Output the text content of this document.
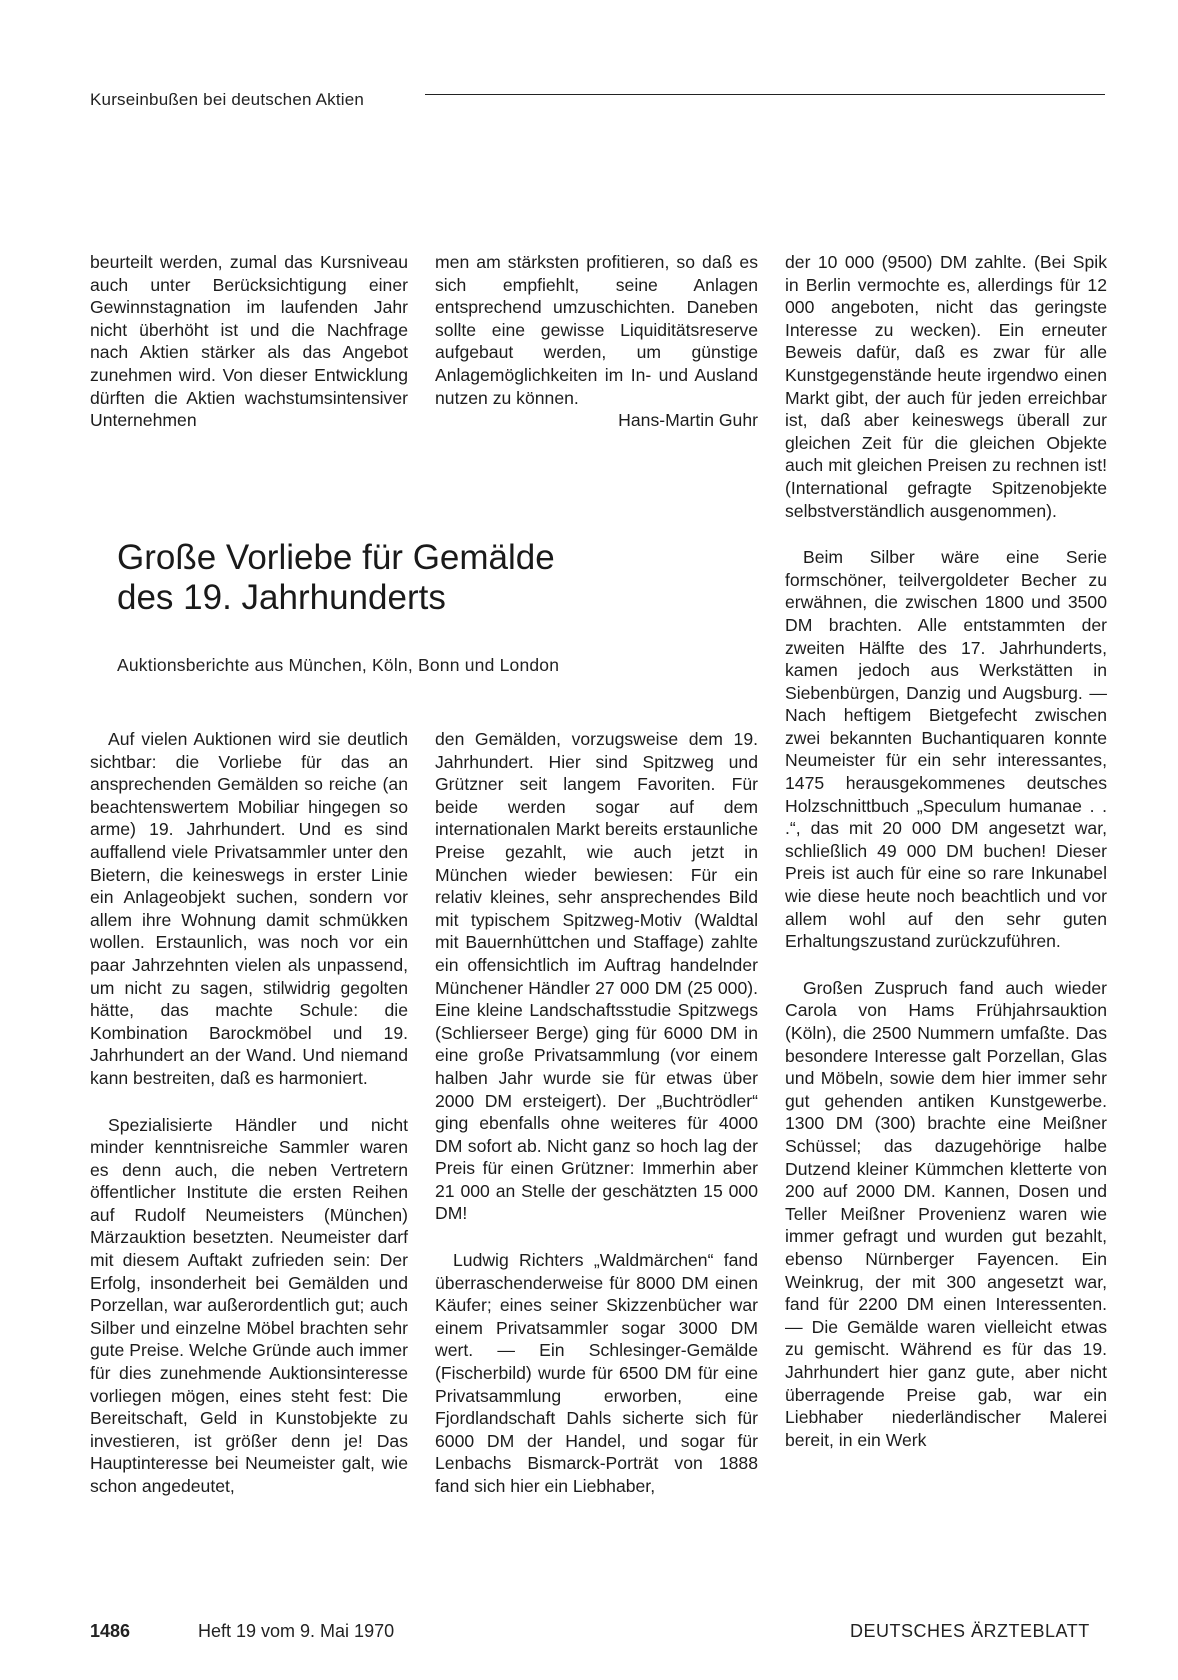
Kurseinbußen bei deutschen Aktien

beurteilt werden, zumal das Kursniveau auch unter Berücksichtigung einer Gewinnstagnation im laufenden Jahr nicht überhöht ist und die Nachfrage nach Aktien stärker als das Angebot zunehmen wird. Von dieser Entwicklung dürften die Aktien wachstumsintensiver Unternehmen

men am stärksten profitieren, so daß es sich empfiehlt, seine Anlagen entsprechend umzuschichten. Daneben sollte eine gewisse Liquiditätsreserve aufgebaut werden, um günstige Anlagemöglichkeiten im In- und Ausland nutzen zu können.
Hans-Martin Guhr

Große Vorliebe für Gemälde
des 19. Jahrhunderts
Auktionsberichte aus München, Köln, Bonn und London

Auf vielen Auktionen wird sie deutlich sichtbar: die Vorliebe für das an ansprechenden Gemälden so reiche (an beachtenswertem Mobiliar hingegen so arme) 19. Jahrhundert. Und es sind auffallend viele Privatsammler unter den Bietern, die keineswegs in erster Linie ein Anlageobjekt suchen, sondern vor allem ihre Wohnung damit schmükken wollen. Erstaunlich, was noch vor ein paar Jahrzehnten vielen als unpassend, um nicht zu sagen, stilwidrig gegolten hätte, das machte Schule: die Kombination Barockmöbel und 19. Jahrhundert an der Wand. Und niemand kann bestreiten, daß es harmoniert.

Spezialisierte Händler und nicht minder kenntnisreiche Sammler waren es denn auch, die neben Vertretern öffentlicher Institute die ersten Reihen auf Rudolf Neumeisters (München) Märzauktion besetzten. Neumeister darf mit diesem Auftakt zufrieden sein: Der Erfolg, insonderheit bei Gemälden und Porzellan, war außerordentlich gut; auch Silber und einzelne Möbel brachten sehr gute Preise. Welche Gründe auch immer für dies zunehmende Auktionsinteresse vorliegen mögen, eines steht fest: Die Bereitschaft, Geld in Kunstobjekte zu investieren, ist größer denn je! Das Hauptinteresse bei Neumeister galt, wie schon angedeutet,

den Gemälden, vorzugsweise dem 19. Jahrhundert. Hier sind Spitzweg und Grützner seit langem Favoriten. Für beide werden sogar auf dem internationalen Markt bereits erstaunliche Preise gezahlt, wie auch jetzt in München wieder bewiesen: Für ein relativ kleines, sehr ansprechendes Bild mit typischem Spitzweg-Motiv (Waldtal mit Bauernhüttchen und Staffage) zahlte ein offensichtlich im Auftrag handelnder Münchener Händler 27 000 DM (25 000). Eine kleine Landschaftsstudie Spitzwegs (Schlierseer Berge) ging für 6000 DM in eine große Privatsammlung (vor einem halben Jahr wurde sie für etwas über 2000 DM ersteigert). Der „Buchtrödler“ ging ebenfalls ohne weiteres für 4000 DM sofort ab. Nicht ganz so hoch lag der Preis für einen Grützner: Immerhin aber 21 000 an Stelle der geschätzten 15 000 DM!

Ludwig Richters „Waldmärchen“ fand überraschenderweise für 8000 DM einen Käufer; eines seiner Skizzenbücher war einem Privatsammler sogar 3000 DM wert. — Ein Schlesinger-Gemälde (Fischerbild) wurde für 6500 DM für eine Privatsammlung erworben, eine Fjordlandschaft Dahls sicherte sich für 6000 DM der Handel, und sogar für Lenbachs Bismarck-Porträt von 1888 fand sich hier ein Liebhaber,

der 10 000 (9500) DM zahlte. (Bei Spik in Berlin vermochte es, allerdings für 12 000 angeboten, nicht das geringste Interesse zu wecken). Ein erneuter Beweis dafür, daß es zwar für alle Kunstgegenstände heute irgendwo einen Markt gibt, der auch für jeden erreichbar ist, daß aber keineswegs überall zur gleichen Zeit für die gleichen Objekte auch mit gleichen Preisen zu rechnen ist! (International gefragte Spitzenobjekte selbstverständlich ausgenommen).

Beim Silber wäre eine Serie formschöner, teilvergoldeter Becher zu erwähnen, die zwischen 1800 und 3500 DM brachten. Alle entstammten der zweiten Hälfte des 17. Jahrhunderts, kamen jedoch aus Werkstätten in Siebenbürgen, Danzig und Augsburg. — Nach heftigem Bietgefecht zwischen zwei bekannten Buchantiquaren konnte Neumeister für ein sehr interessantes, 1475 herausgekommenes deutsches Holzschnittbuch „Speculum humanae . . .“, das mit 20 000 DM angesetzt war, schließlich 49 000 DM buchen! Dieser Preis ist auch für eine so rare Inkunabel wie diese heute noch beachtlich und vor allem wohl auf den sehr guten Erhaltungszustand zurückzuführen.

Großen Zuspruch fand auch wieder Carola von Hams Frühjahrsauktion (Köln), die 2500 Nummern umfaßte. Das besondere Interesse galt Porzellan, Glas und Möbeln, sowie dem hier immer sehr gut gehenden antiken Kunstgewerbe. 1300 DM (300) brachte eine Meißner Schüssel; das dazugehörige halbe Dutzend kleiner Kümmchen kletterte von 200 auf 2000 DM. Kannen, Dosen und Teller Meißner Provenienz waren wie immer gefragt und wurden gut bezahlt, ebenso Nürnberger Fayencen. Ein Weinkrug, der mit 300 angesetzt war, fand für 2200 DM einen Interessenten. — Die Gemälde waren vielleicht etwas zu gemischt. Während es für das 19. Jahrhundert hier ganz gute, aber nicht überragende Preise gab, war ein Liebhaber niederländischer Malerei bereit, in ein Werk

1486	Heft 19 vom 9. Mai 1970	DEUTSCHES ÄRZTEBLATT
